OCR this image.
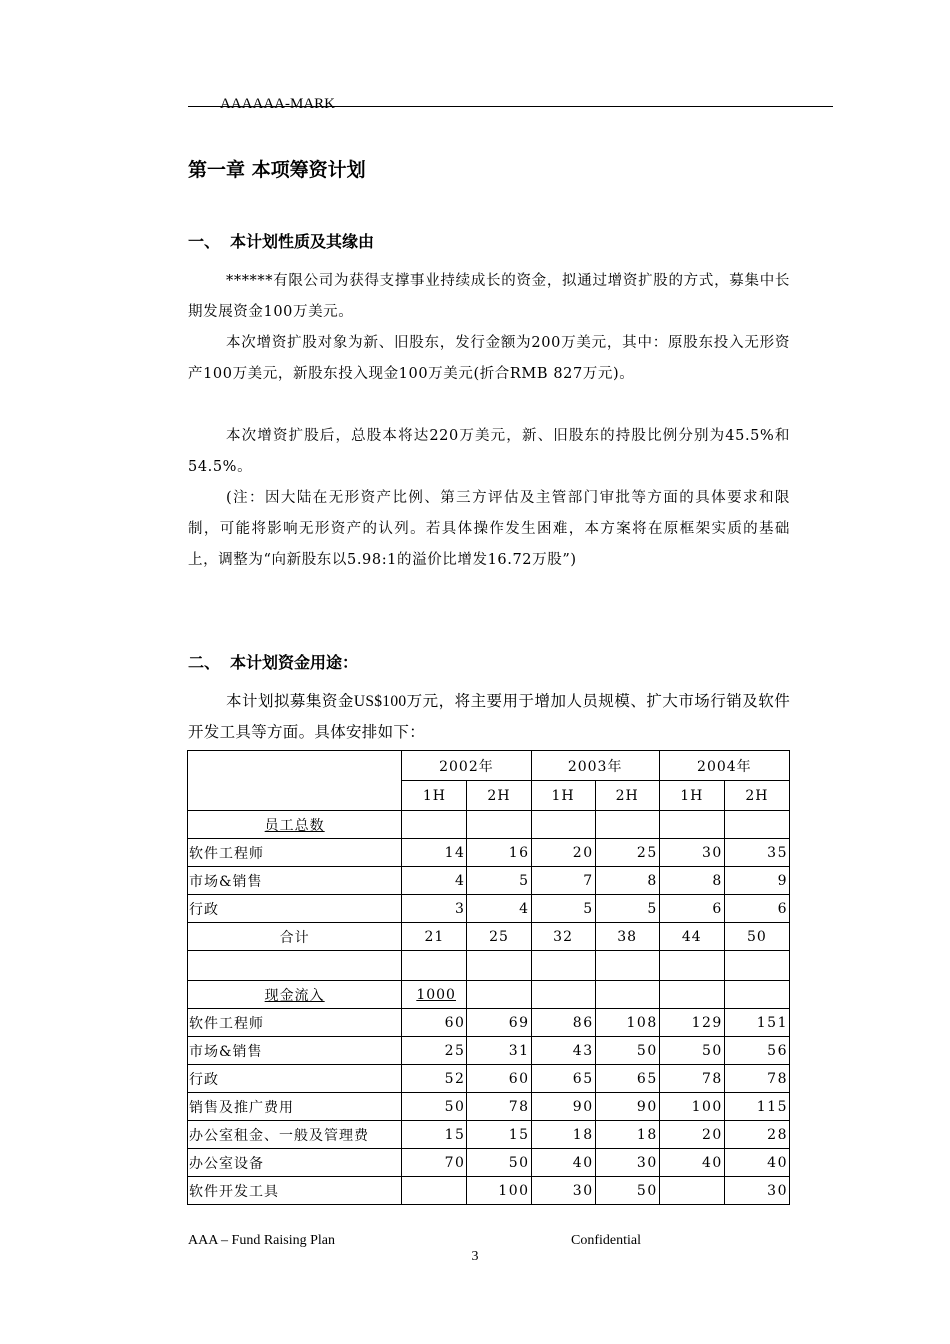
AAAAAA-MARK
第一章 本项筹资计划
一、 本计划性质及其缘由

******有限公司为获得支撑事业持续成长的资金，拟通过增资扩股的方式，募集中长期发展资金100万美元。

本次增资扩股对象为新、旧股东，发行金额为200万美元，其中：原股东投入无形资产100万美元，新股东投入现金100万美元(折合RMB 827万元)。

本次增资扩股后，总股本将达220万美元，新、旧股东的持股比例分别为45.5%和54.5%。

(注：因大陆在无形资产比例、第三方评估及主管部门审批等方面的具体要求和限制，可能将影响无形资产的认列。若具体操作发生困难，本方案将在原框架实质的基础上，调整为“向新股东以5.98:1的溢价比增发16.72万股”)

二、 本计划资金用途：

本计划拟募集资金US$100万元，将主要用于增加人员规模、扩大市场行销及软件开发工具等方面。具体安排如下：

	2002年		2003年		2004年	
	1H	2H	1H	2H	1H	2H
员工总数						
软件工程师	14	16	20	25	30	35
市场&销售	4	5	7	8	8	9
行政	3	4	5	5	6	6
合计	21	25	32	38	44	50

现金流入	1000					
软件工程师	60	69	86	108	129	151
市场&销售	25	31	43	50	50	56
行政	52	60	65	65	78	78
销售及推广费用	50	78	90	90	100	115
办公室租金、一般及管理费	15	15	18	18	20	28
办公室设备	70	50	40	30	40	40
软件开发工具		100	30	50		30
AAA – Fund Raising Plan	Confidential
3
